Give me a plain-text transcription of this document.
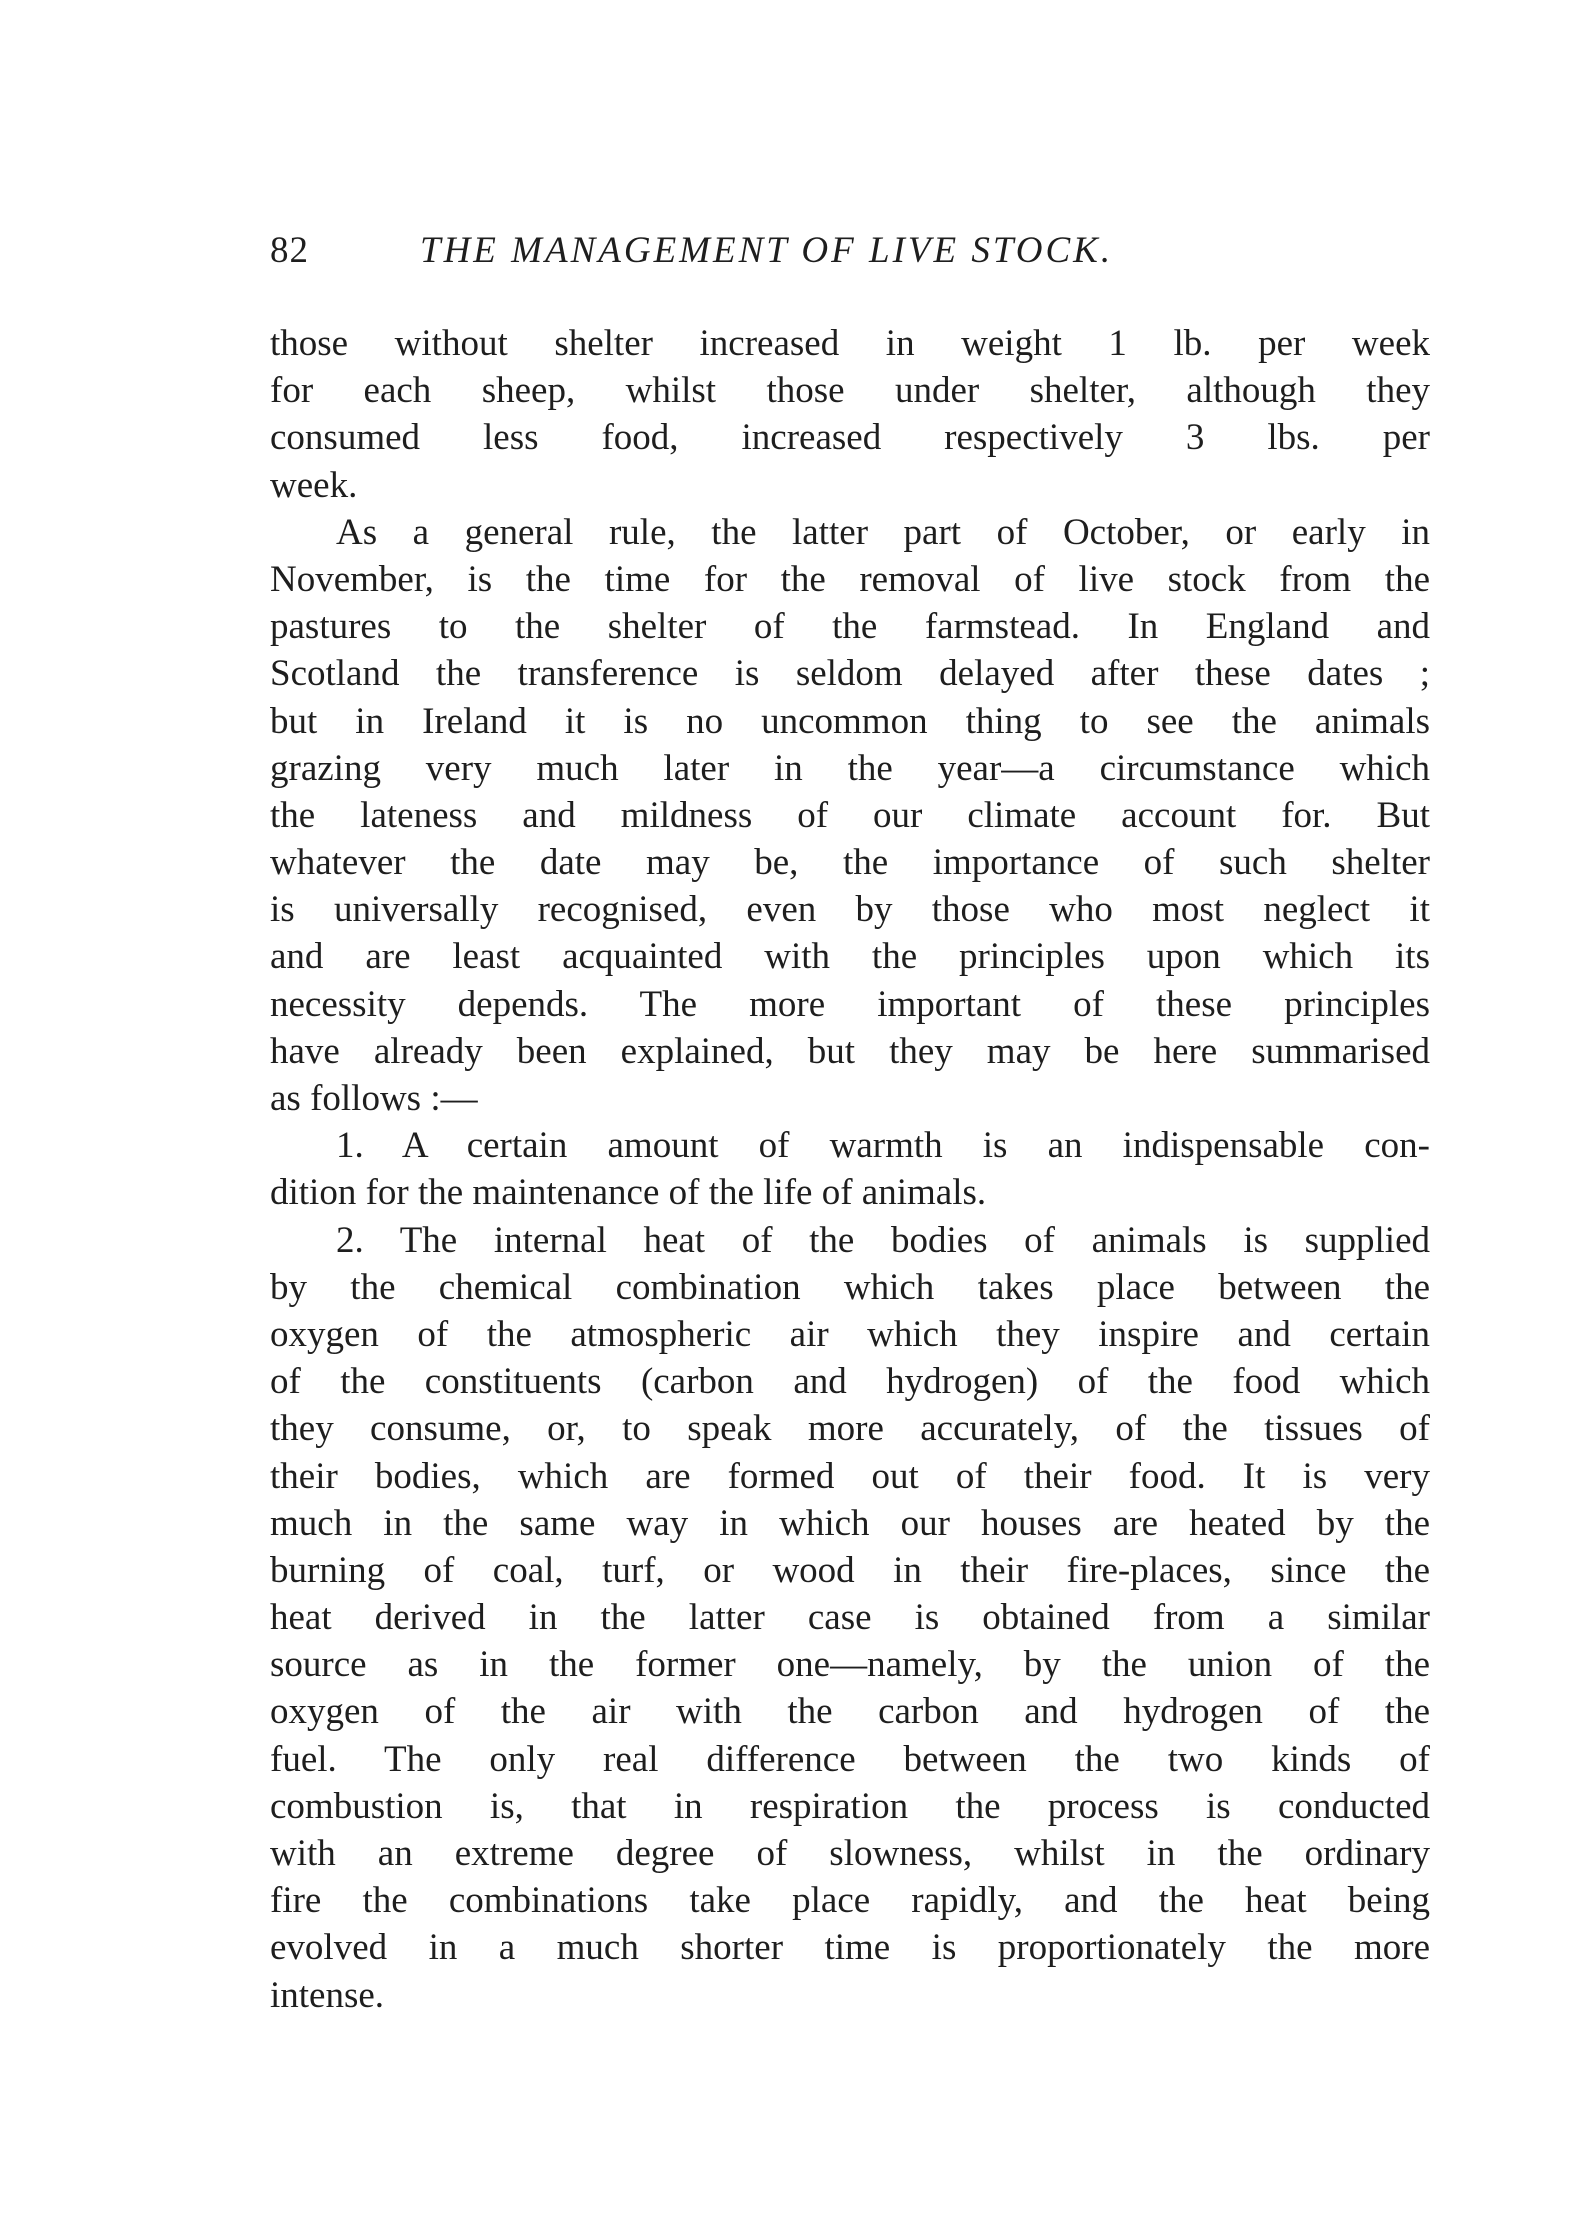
82	THE MANAGEMENT OF LIVE STOCK.
those without shelter increased in weight 1 lb. per week
for each sheep, whilst those under shelter, although they
consumed less food, increased respectively 3 lbs. per
week.
As a general rule, the latter part of October, or early in
November, is the time for the removal of live stock from the
pastures to the shelter of the farmstead. In England and
Scotland the transference is seldom delayed after these dates ;
but in Ireland it is no uncommon thing to see the animals
grazing very much later in the year—a circumstance which
the lateness and mildness of our climate account for. But
whatever the date may be, the importance of such shelter
is universally recognised, even by those who most neglect it
and are least acquainted with the principles upon which its
necessity depends. The more important of these principles
have already been explained, but they may be here summarised
as follows :—
1. A certain amount of warmth is an indispensable con-
dition for the maintenance of the life of animals.
2. The internal heat of the bodies of animals is supplied
by the chemical combination which takes place between the
oxygen of the atmospheric air which they inspire and certain
of the constituents (carbon and hydrogen) of the food which
they consume, or, to speak more accurately, of the tissues of
their bodies, which are formed out of their food. It is very
much in the same way in which our houses are heated by the
burning of coal, turf, or wood in their fire-places, since the
heat derived in the latter case is obtained from a similar
source as in the former one—namely, by the union of the
oxygen of the air with the carbon and hydrogen of the
fuel. The only real difference between the two kinds of
combustion is, that in respiration the process is conducted
with an extreme degree of slowness, whilst in the ordinary
fire the combinations take place rapidly, and the heat being
evolved in a much shorter time is proportionately the more
intense.
